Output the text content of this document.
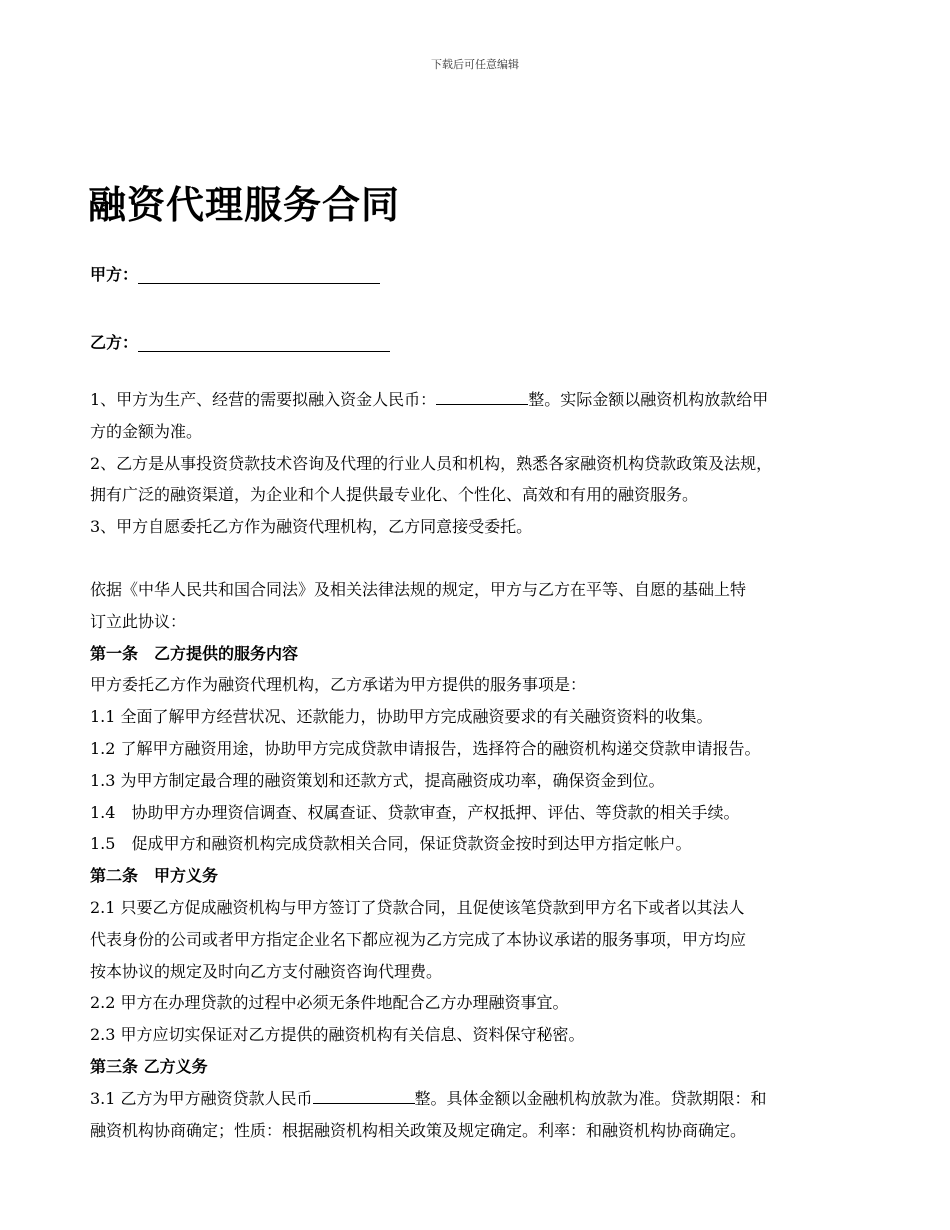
下载后可任意编辑
融资代理服务合同
甲方：
乙方：

1、甲方为生产、经营的需要拟融入资金人民币：	整。实际金额以融资机构放款给甲

方的金额为准。

2、乙方是从事投资贷款技术咨询及代理的行业人员和机构，熟悉各家融资机构贷款政策及法规，

拥有广泛的融资渠道，为企业和个人提供最专业化、个性化、高效和有用的融资服务。

3、甲方自愿委托乙方作为融资代理机构，乙方同意接受委托。

依据《中华人民共和国合同法》及相关法律法规的规定，甲方与乙方在平等、自愿的基础上特

订立此协议：

第一条　乙方提供的服务内容

甲方委托乙方作为融资代理机构，乙方承诺为甲方提供的服务事项是：

1.1 全面了解甲方经营状况、还款能力，协助甲方完成融资要求的有关融资资料的收集。

1.2 了解甲方融资用途，协助甲方完成贷款申请报告，选择符合的融资机构递交贷款申请报告。

1.3 为甲方制定最合理的融资策划和还款方式，提高融资成功率，确保资金到位。

1.4　协助甲方办理资信调查、权属查证、贷款审查，产权抵押、评估、等贷款的相关手续。

1.5　促成甲方和融资机构完成贷款相关合同，保证贷款资金按时到达甲方指定帐户。

第二条　甲方义务

2.1 只要乙方促成融资机构与甲方签订了贷款合同，且促使该笔贷款到甲方名下或者以其法人

代表身份的公司或者甲方指定企业名下都应视为乙方完成了本协议承诺的服务事项，甲方均应

按本协议的规定及时向乙方支付融资咨询代理费。

2.2 甲方在办理贷款的过程中必须无条件地配合乙方办理融资事宜。

2.3 甲方应切实保证对乙方提供的融资机构有关信息、资料保守秘密。

第三条 乙方义务

3.1 乙方为甲方融资贷款人民币	整。具体金额以金融机构放款为准。贷款期限：和

融资机构协商确定；性质：根据融资机构相关政策及规定确定。利率：和融资机构协商确定。
